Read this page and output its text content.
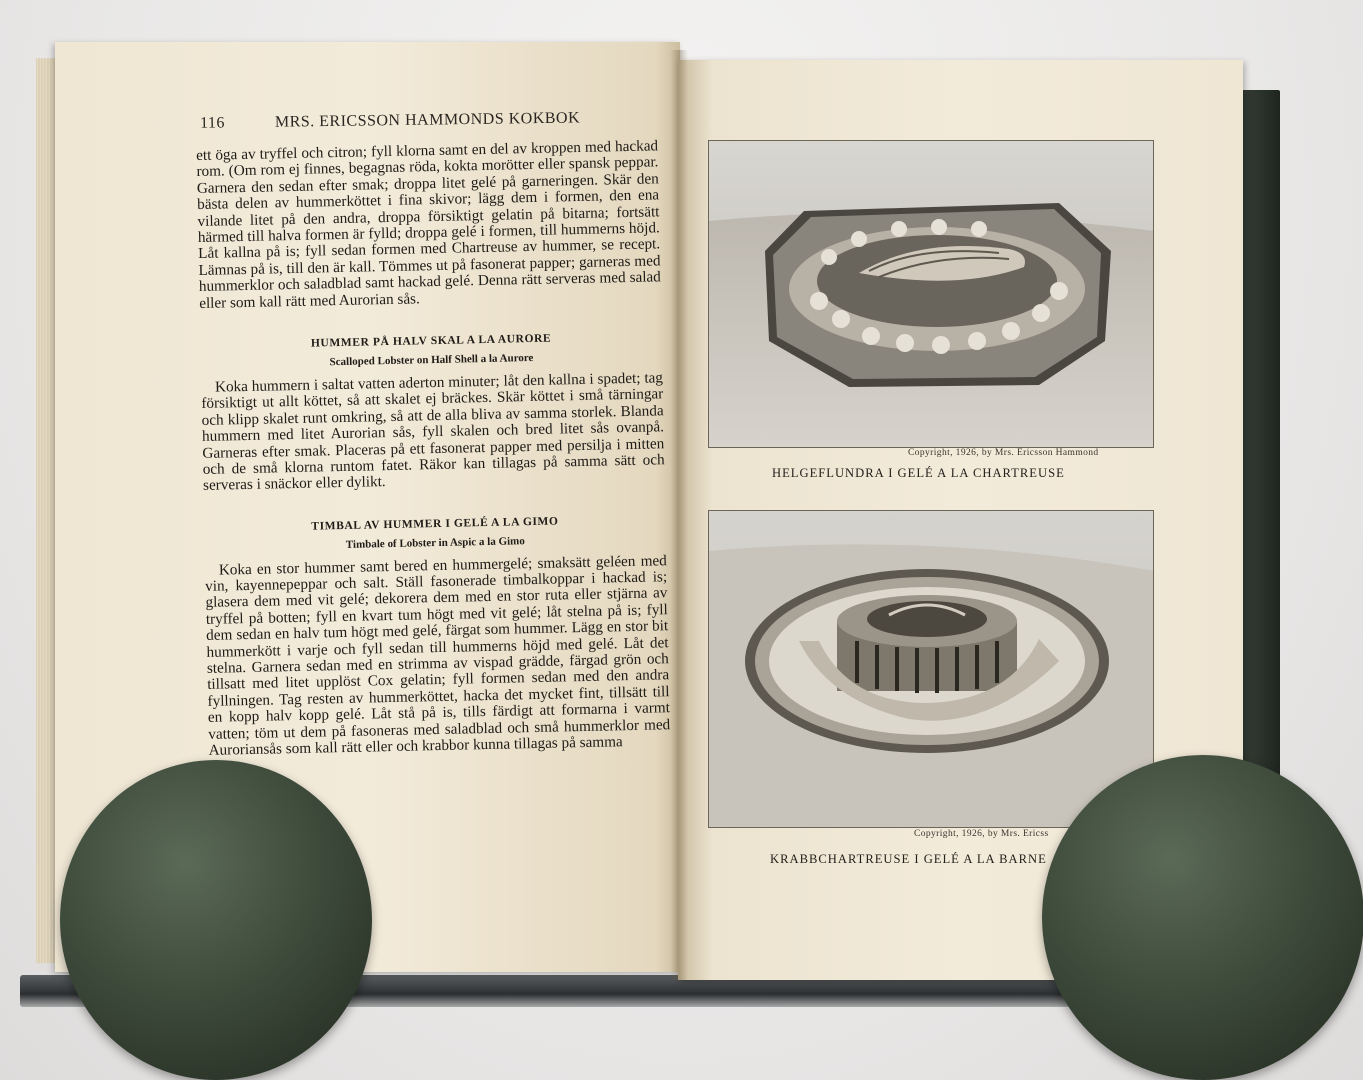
116	MRS. ERICSSON HAMMONDS KOKBOK

ett öga av tryffel och citron; fyll klorna samt en del av kroppen med hackad rom. (Om rom ej finnes, begagnas röda, kokta morötter eller spansk peppar. Garnera den sedan efter smak; droppa litet gelé på garneringen. Skär den bästa delen av hummerköttet i fina skivor; lägg dem i formen, den ena vilande litet på den andra, droppa försiktigt gelatin på bitarna; fortsätt härmed till halva formen är fylld; droppa gelé i formen, till hummerns höjd. Låt kallna på is; fyll sedan formen med Chartreuse av hummer, se recept. Lämnas på is, till den är kall. Tömmes ut på fasonerat papper; garneras med hummerklor och saladblad samt hackad gelé. Denna rätt serveras med salad eller som kall rätt med Aurorian sås.

HUMMER PÅ HALV SKAL A LA AURORE
Scalloped Lobster on Half Shell a la Aurore

Koka hummern i saltat vatten aderton minuter; låt den kallna i spadet; tag försiktigt ut allt köttet, så att skalet ej bräckes. Skär köttet i små tärningar och klipp skalet runt omkring, så att de alla bliva av samma storlek. Blanda hummern med litet Aurorian sås, fyll skalen och bred litet sås ovanpå. Garneras efter smak. Placeras på ett fasonerat papper med persilja i mitten och de små klorna runtom fatet. Räkor kan tillagas på samma sätt och serveras i snäckor eller dylikt.

TIMBAL AV HUMMER I GELÉ A LA GIMO
Timbale of Lobster in Aspic a la Gimo

Koka en stor hummer samt bered en hummergelé; smaksätt geléen med vin, kayennepeppar och salt. Ställ fasonerade timbalkoppar i hackad is; glasera dem med vit gelé; dekorera dem med en stor ruta eller stjärna av tryffel på botten; fyll en kvart tum högt med vit gelé; låt stelna på is; fyll dem sedan en halv tum högt med gelé, färgat som hummer. Lägg en stor bit hummerkött i varje och fyll sedan till hummerns höjd med gelé. Låt det stelna. Garnera sedan med en strimma av vispad grädde, färgad grön och tillsatt med litet upplöst Cox gelatin; fyll formen sedan med den andra fyllningen. Tag resten av hummerköttet, hacka det mycket fint, tillsätt till en kopp halv kopp gelé. Låt stå på is, tills färdigt att formarna i varmt vatten; töm ut dem på fasoneras med saladblad och små hummerklor med Auroriansås som kall rätt eller och krabbor kunna tillagas på samma

Copyright, 1926, by Mrs. Ericsson Hammond
HELGEFLUNDRA I GELÉ A LA CHARTREUSE
Copyright, 1926, by Mrs. Ericss
KRABBCHARTREUSE I GELÉ A LA BARNE
